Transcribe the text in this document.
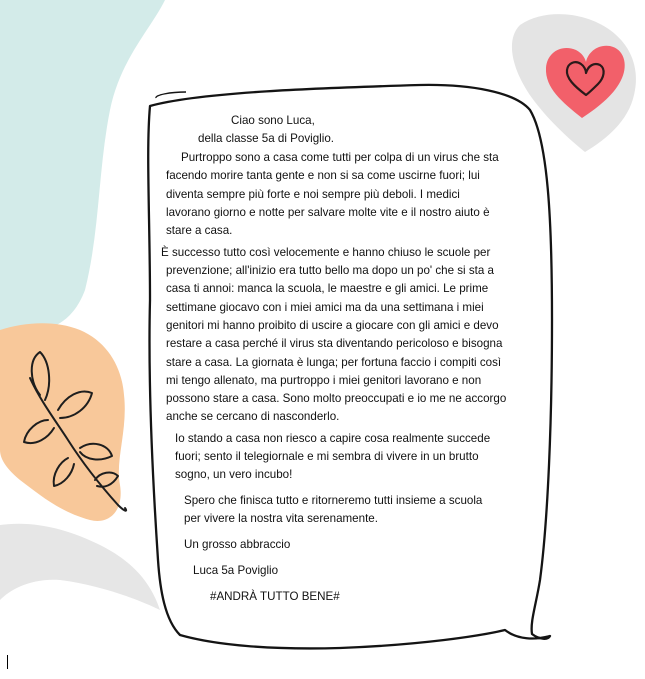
Ciao sono Luca,
della classe 5a di Poviglio.
Purtroppo sono a casa come tutti per colpa di un virus che sta
facendo morire tanta gente e non si sa come uscirne fuori; lui
diventa sempre più forte e noi sempre più deboli. I medici
lavorano giorno e notte per salvare molte vite e il nostro aiuto è
stare a casa.
È successo tutto così velocemente e hanno chiuso le scuole per
prevenzione; all'inizio era tutto bello ma dopo un po' che si sta a
casa ti annoi: manca la scuola, le maestre e gli amici. Le prime
settimane giocavo con i miei amici ma da una settimana i miei
genitori mi hanno proibito di uscire a giocare con gli amici e devo
restare a casa perché il virus sta diventando pericoloso e bisogna
stare a casa. La giornata è lunga; per fortuna faccio i compiti così
mi tengo allenato, ma purtroppo i miei genitori lavorano e non
possono stare a casa. Sono molto preoccupati e io me ne accorgo
anche se cercano di nasconderlo.
Io stando a casa non riesco a capire cosa realmente succede
fuori; sento il telegiornale e mi sembra di vivere in un brutto
sogno, un vero incubo!
Spero che finisca tutto e ritorneremo tutti insieme a scuola
per vivere la nostra vita serenamente.
Un grosso abbraccio
Luca 5a Poviglio
#ANDRÀ TUTTO BENE#
